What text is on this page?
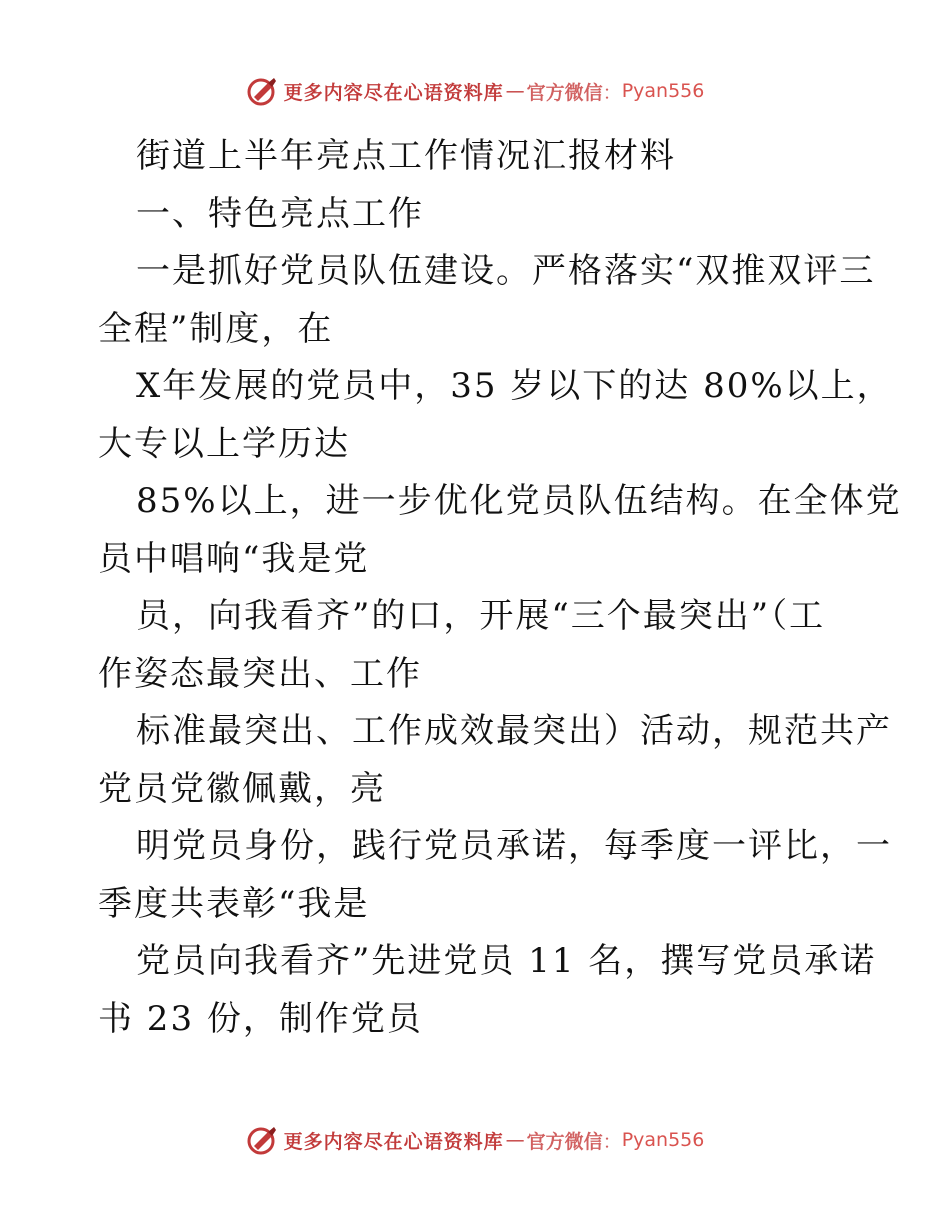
更多内容尽在心语资料库 — 官方微信 ： Pyan556
街道上半年亮点工作情况汇报材料
一、特色亮点工作
一是抓好党员队伍建设。严格落实“双推双评三
全程”制度，在
X年发展的党员中，35 岁以下的达 80%以上，
大专以上学历达
85%以上，进一步优化党员队伍结构。在全体党
员中唱响“我是党
员，向我看齐”的口，开展“三个最突出”（工
作姿态最突出、工作
标准最突出、工作成效最突出）活动，规范共产
党员党徽佩戴，亮
明党员身份，践行党员承诺，每季度一评比，一
季度共表彰“我是
党员向我看齐”先进党员 11 名，撰写党员承诺
书 23 份，制作党员
更多内容尽在心语资料库 — 官方微信 ： Pyan556
